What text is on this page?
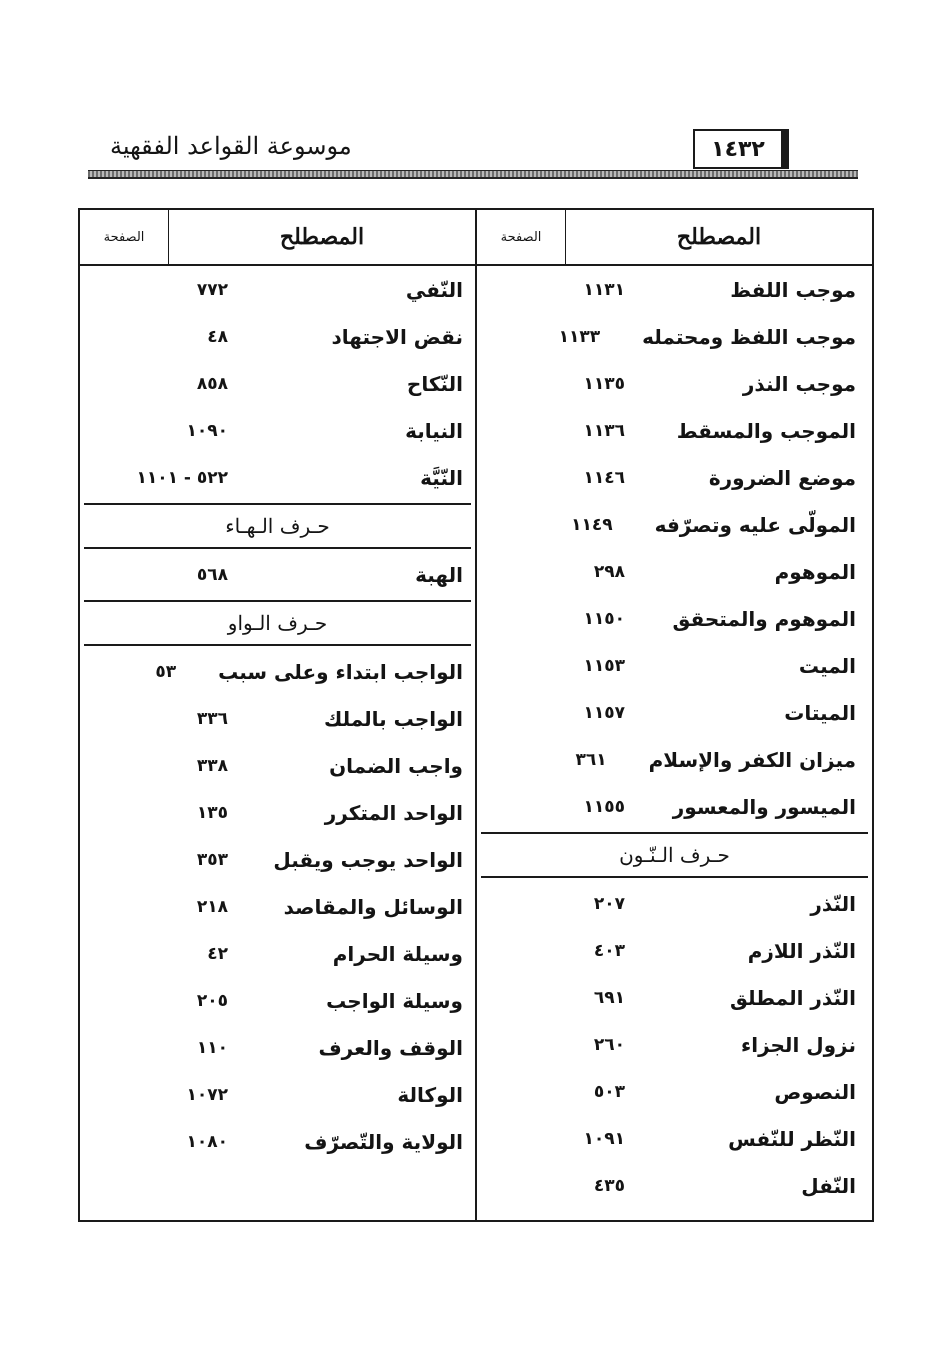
١٤٣٢
موسوعة القواعد الفقهية
المصطلح
الصفحة
موجب اللفظ
١١٣١
موجب اللفظ ومحتمله
١١٣٣
موجب النذر
١١٣٥
الموجب والمسقط
١١٣٦
موضع الضرورة
١١٤٦
المولّى عليه وتصرّفه
١١٤٩
الموهوم
٢٩٨
الموهوم والمتحقق
١١٥٠
الميت
١١٥٣
الميتات
١١٥٧
ميزان الكفر والإسلام
٣٦١
الميسور والمعسور
١١٥٥
حـرف الـنّـون
النّذر
٢٠٧
النّذر اللازم
٤٠٣
النّذر المطلق
٦٩١
نزول الجزاء
٢٦٠
النصوص
٥٠٣
النّظر للنّفس
١٠٩١
النّفل
٤٣٥
المصطلح
الصفحة
النّفي
٧٧٢
نقض الاجتهاد
٤٨
النّكاح
٨٥٨
النيابة
١٠٩٠
النّيَّة
٥٢٢ - ١١٠١
حـرف الـهـاء
الهبة
٥٦٨
حـرف الـواو
الواجب ابتداء وعلى سبب
٥٣
الواجب بالملك
٣٣٦
واجب الضمان
٣٣٨
الواحد المتكرر
١٣٥
الواحد يوجب ويقبل
٣٥٣
الوسائل والمقاصد
٢١٨
وسيلة الحرام
٤٢
وسيلة الواجب
٢٠٥
الوقف والعرف
١١٠
الوكالة
١٠٧٢
الولاية والتّصرّف
١٠٨٠
